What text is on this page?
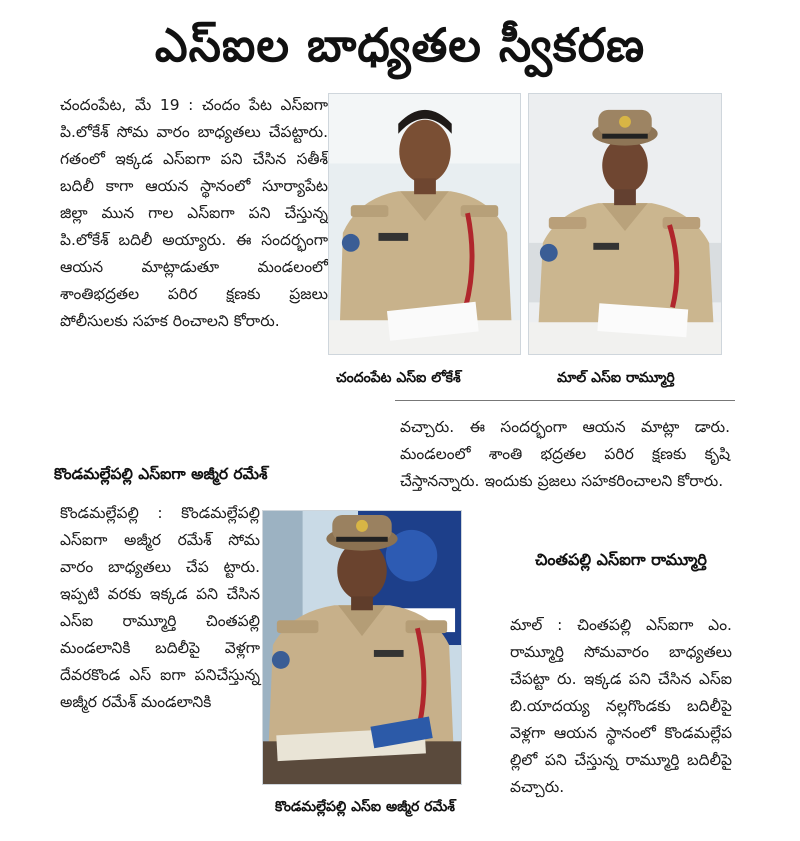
ఎస్ఐల బాధ్యతల స్వీకరణ

చందంపేట, మే 19 : చందం పేట ఎస్ఐగా పి.లోకేశ్ సోమ వారం బాధ్యతలు చేపట్టారు. గతంలో ఇక్కడ ఎస్ఐగా పని చేసిన సతీశ్ బదిలీ కాగా ఆయన స్థానంలో సూర్యాపేట జిల్లా మున గాల ఎస్ఐగా పని చేస్తున్న పి.లోకేశ్ బదిలీ అయ్యారు. ఈ సందర్భంగా ఆయన మాట్లాడుతూ మండలంలో శాంతిభద్రతల పరిర క్షణకు ప్రజలు పోలీసులకు సహక రించాలని కోరారు.

చందంపేట ఎస్ఐ లోకేశ్	మాల్ ఎస్ఐ రామ్మూర్తి

వచ్చారు. ఈ సందర్భంగా ఆయన మాట్లా డారు. మండలంలో శాంతి భద్రతల పరిర క్షణకు కృషి చేస్తానన్నారు. ఇందుకు ప్రజలు సహకరించాలని కోరారు.

కొండమల్లేపల్లి ఎస్ఐగా అజ్మీర రమేశ్

కొండమల్లేపల్లి : కొండమల్లేపల్లి ఎస్ఐగా అజ్మీర రమేశ్ సోమ వారం బాధ్యతలు చేప ట్టారు. ఇప్పటి వరకు ఇక్కడ పని చేసిన ఎస్ఐ రామ్మూర్తి చింతపల్లి మండలానికి బదిలీపై వెళ్లగా దేవరకొండ ఎస్ ఐగా పనిచేస్తున్న అజ్మీర రమేశ్ మండలానికి

కొండమల్లేపల్లి ఎస్ఐ అజ్మీర రమేశ్
చింతపల్లి ఎస్ఐగా రామ్మూర్తి

మాల్ : చింతపల్లి ఎస్ఐగా ఎం. రామ్మూర్తి సోమవారం బాధ్యతలు చేపట్టా రు. ఇక్కడ పని చేసిన ఎస్ఐ బి.యాదయ్య నల్లగొండకు బదిలీపై వెళ్లగా ఆయన స్థానంలో కొండమల్లేప ల్లిలో పని చేస్తున్న రామ్మూర్తి బదిలీపై వచ్చారు.
